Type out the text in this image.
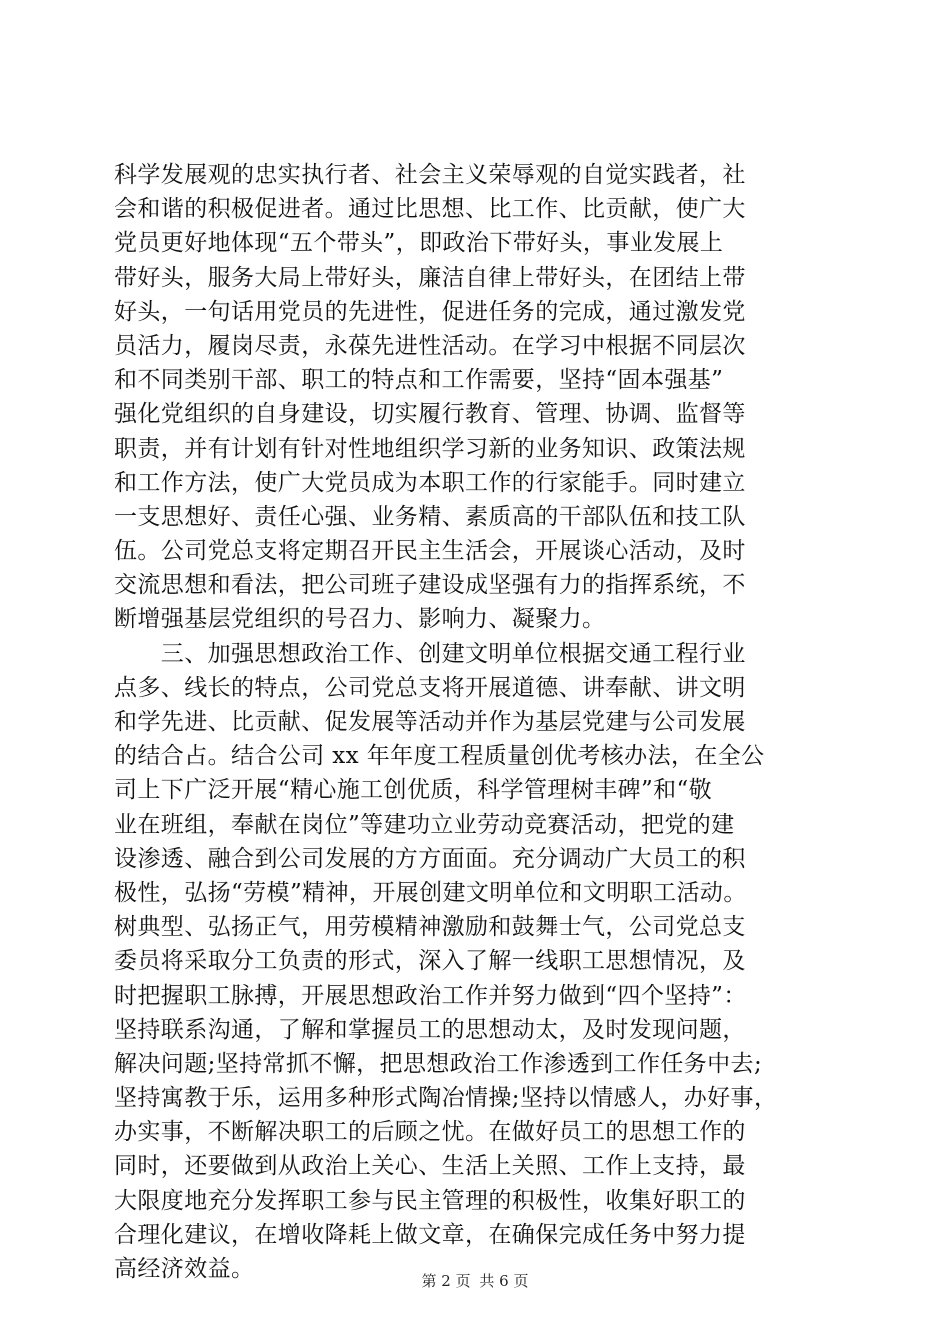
科学发展观的忠实执行者、社会主义荣辱观的自觉实践者，社
会和谐的积极促进者。通过比思想、比工作、比贡献，使广大
党员更好地体现“五个带头”，即政治下带好头，事业发展上
带好头，服务大局上带好头，廉洁自律上带好头，在团结上带
好头，一句话用党员的先进性，促进任务的完成，通过激发党
员活力，履岗尽责，永葆先进性活动。在学习中根据不同层次
和不同类别干部、职工的特点和工作需要，坚持“固本强基”
强化党组织的自身建设，切实履行教育、管理、协调、监督等
职责，并有计划有针对性地组织学习新的业务知识、政策法规
和工作方法，使广大党员成为本职工作的行家能手。同时建立
一支思想好、责任心强、业务精、素质高的干部队伍和技工队
伍。公司党总支将定期召开民主生活会，开展谈心活动，及时
交流思想和看法，把公司班子建设成坚强有力的指挥系统，不
断增强基层党组织的号召力、影响力、凝聚力。
　　三、加强思想政治工作、创建文明单位根据交通工程行业
点多、线长的特点，公司党总支将开展道德、讲奉献、讲文明
和学先进、比贡献、促发展等活动并作为基层党建与公司发展
的结合占。结合公司 xx 年年度工程质量创优考核办法，在全公
司上下广泛开展“精心施工创优质，科学管理树丰碑”和“敬
业在班组，奉献在岗位”等建功立业劳动竞赛活动，把党的建
设渗透、融合到公司发展的方方面面。充分调动广大员工的积
极性，弘扬“劳模”精神，开展创建文明单位和文明职工活动。
树典型、弘扬正气，用劳模精神激励和鼓舞士气，公司党总支
委员将采取分工负责的形式，深入了解一线职工思想情况，及
时把握职工脉搏，开展思想政治工作并努力做到“四个坚持”：
坚持联系沟通，了解和掌握员工的思想动太，及时发现问题，
解决问题;坚持常抓不懈，把思想政治工作渗透到工作任务中去;
坚持寓教于乐，运用多种形式陶冶情操;坚持以情感人，办好事，
办实事，不断解决职工的后顾之忧。在做好员工的思想工作的
同时，还要做到从政治上关心、生活上关照、工作上支持，最
大限度地充分发挥职工参与民主管理的积极性，收集好职工的
合理化建议，在增收降耗上做文章，在确保完成任务中努力提
高经济效益。	第 2 页 共 6 页
